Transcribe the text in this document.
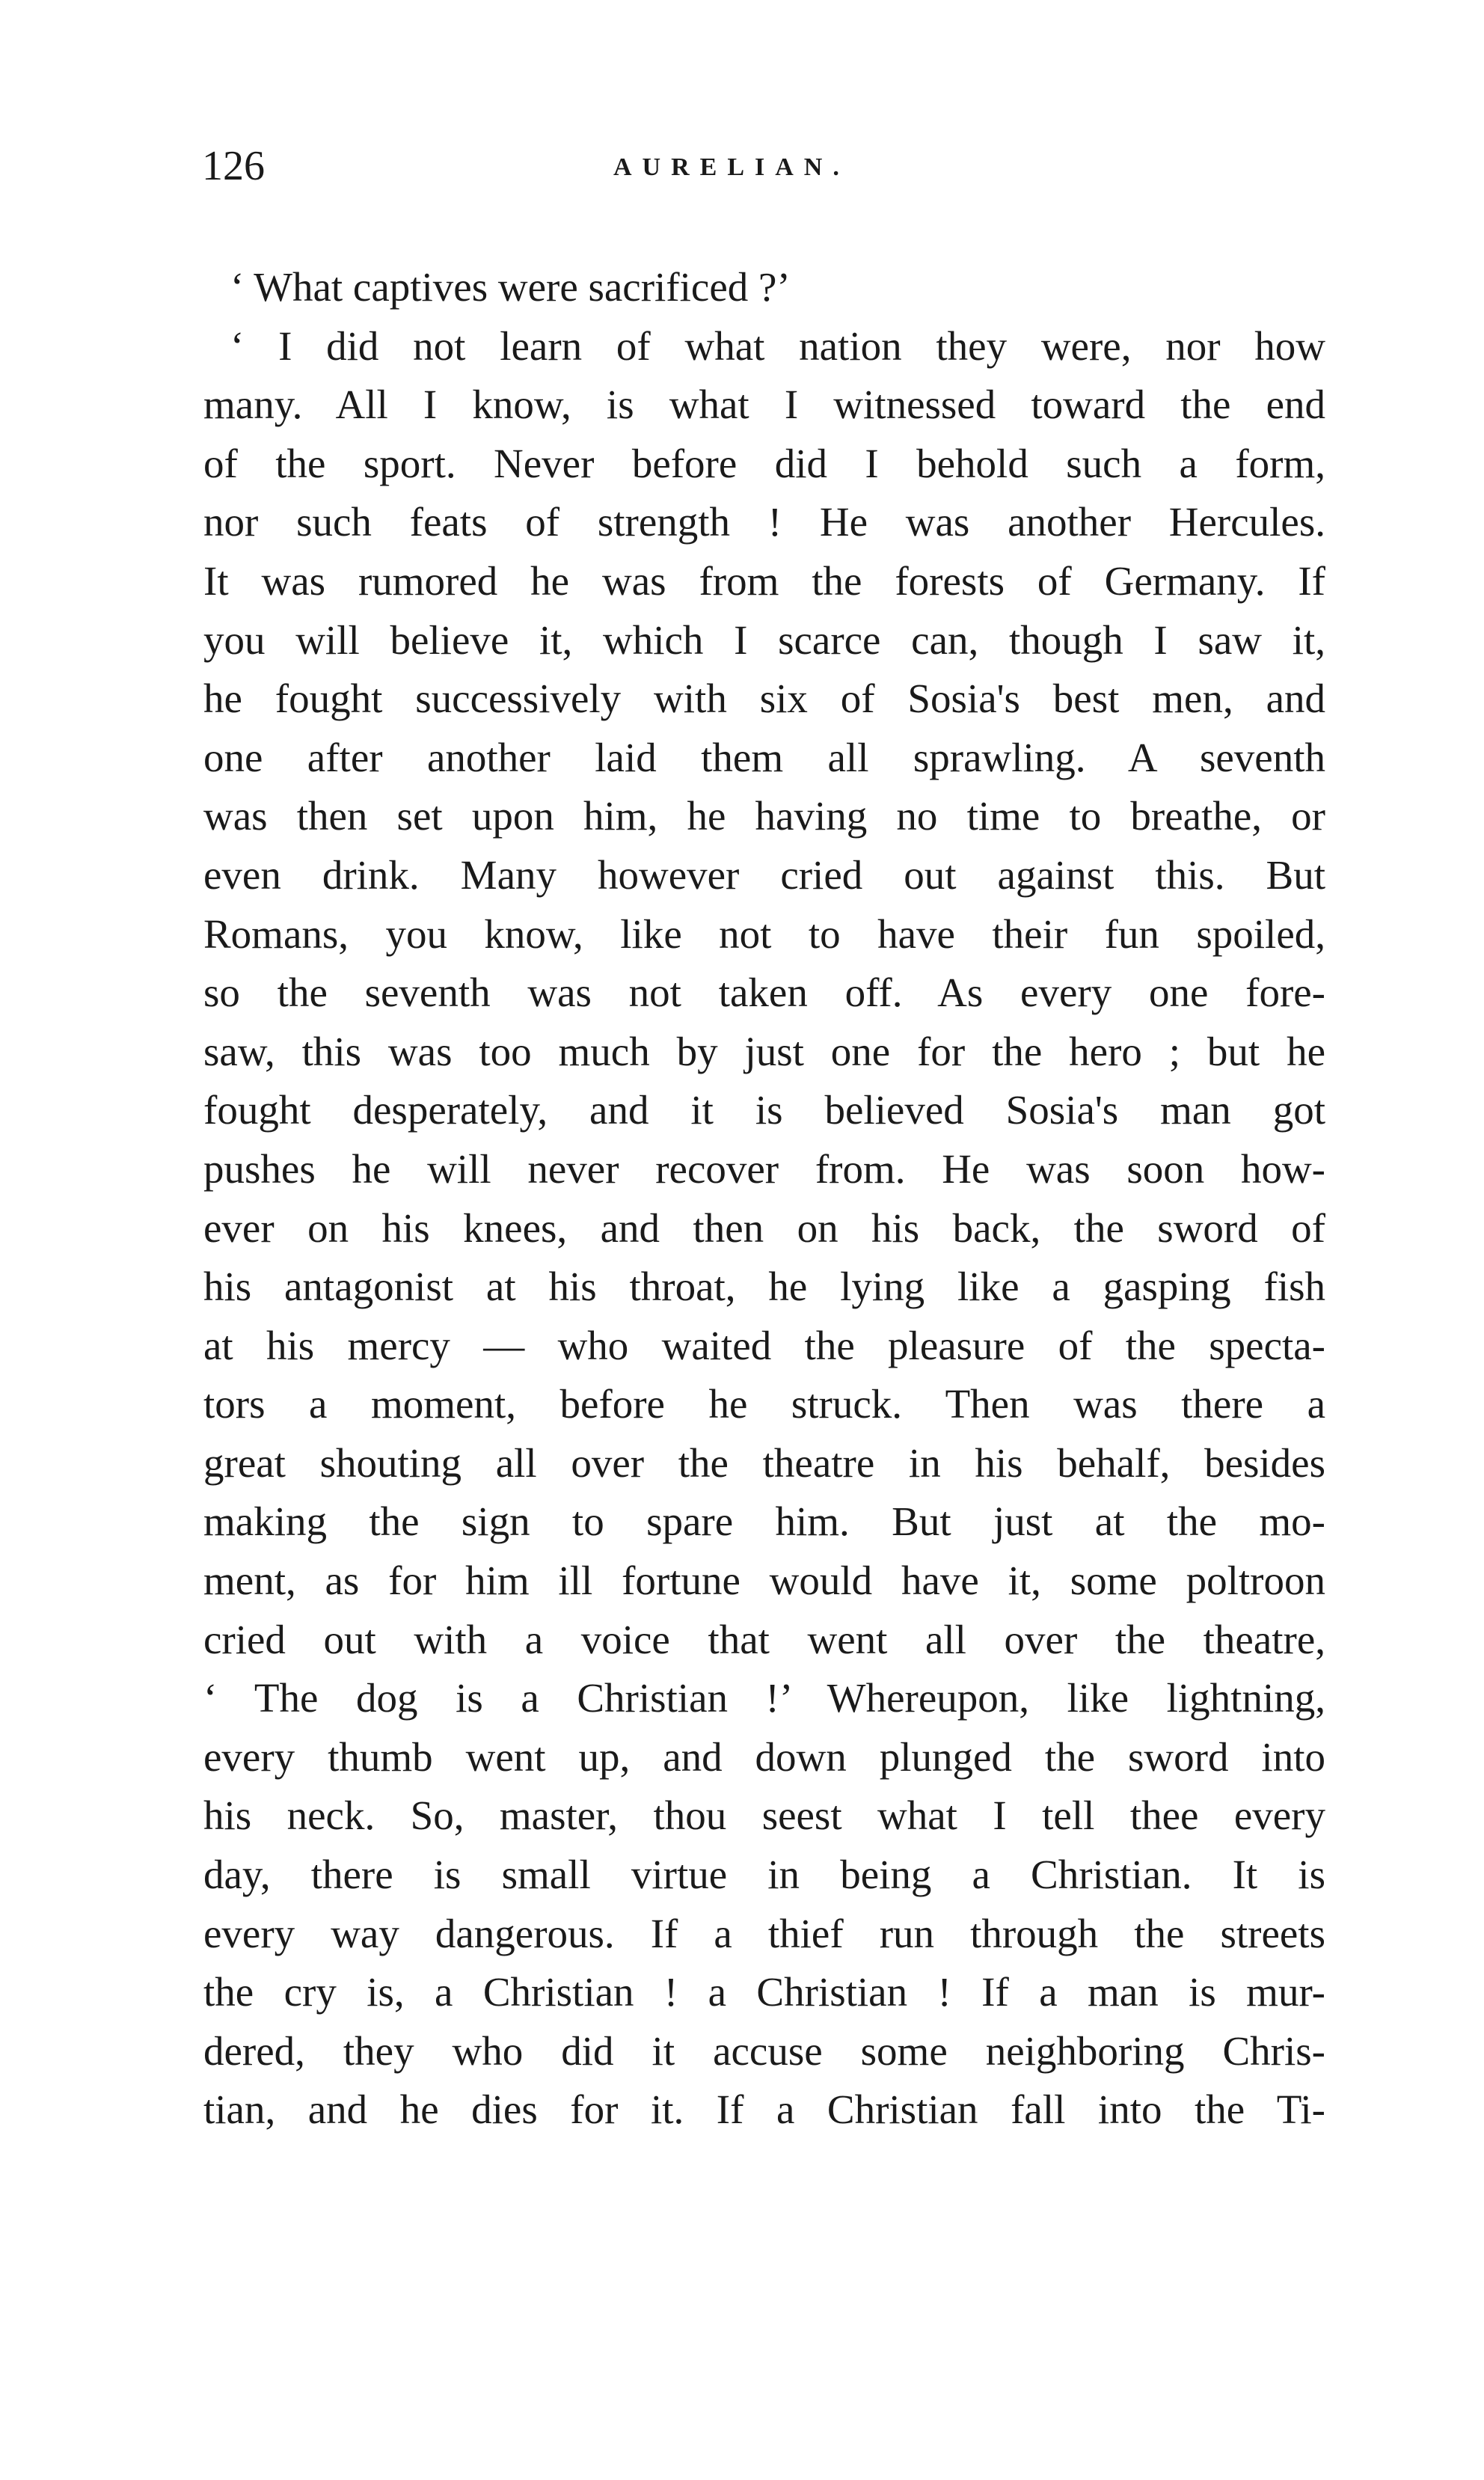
126	AURELIAN.
‘ What captives were sacrificed ?’
‘ I did not learn of what nation they were, nor how
many. All I know, is what I witnessed toward the end
of the sport. Never before did I behold such a form,
nor such feats of strength ! He was another Hercules.
It was rumored he was from the forests of Germany. If
you will believe it, which I scarce can, though I saw it,
he fought successively with six of Sosia's best men, and
one after another laid them all sprawling. A seventh
was then set upon him, he having no time to breathe, or
even drink. Many however cried out against this. But
Romans, you know, like not to have their fun spoiled,
so the seventh was not taken off. As every one fore-
saw, this was too much by just one for the hero ; but he
fought desperately, and it is believed Sosia's man got
pushes he will never recover from. He was soon how-
ever on his knees, and then on his back, the sword of
his antagonist at his throat, he lying like a gasping fish
at his mercy — who waited the pleasure of the specta-
tors a moment, before he struck. Then was there a
great shouting all over the theatre in his behalf, besides
making the sign to spare him. But just at the mo-
ment, as for him ill fortune would have it, some poltroon
cried out with a voice that went all over the theatre,
‘ The dog is a Christian !’ Whereupon, like lightning,
every thumb went up, and down plunged the sword into
his neck. So, master, thou seest what I tell thee every
day, there is small virtue in being a Christian. It is
every way dangerous. If a thief run through the streets
the cry is, a Christian ! a Christian ! If a man is mur-
dered, they who did it accuse some neighboring Chris-
tian, and he dies for it. If a Christian fall into the Ti-
